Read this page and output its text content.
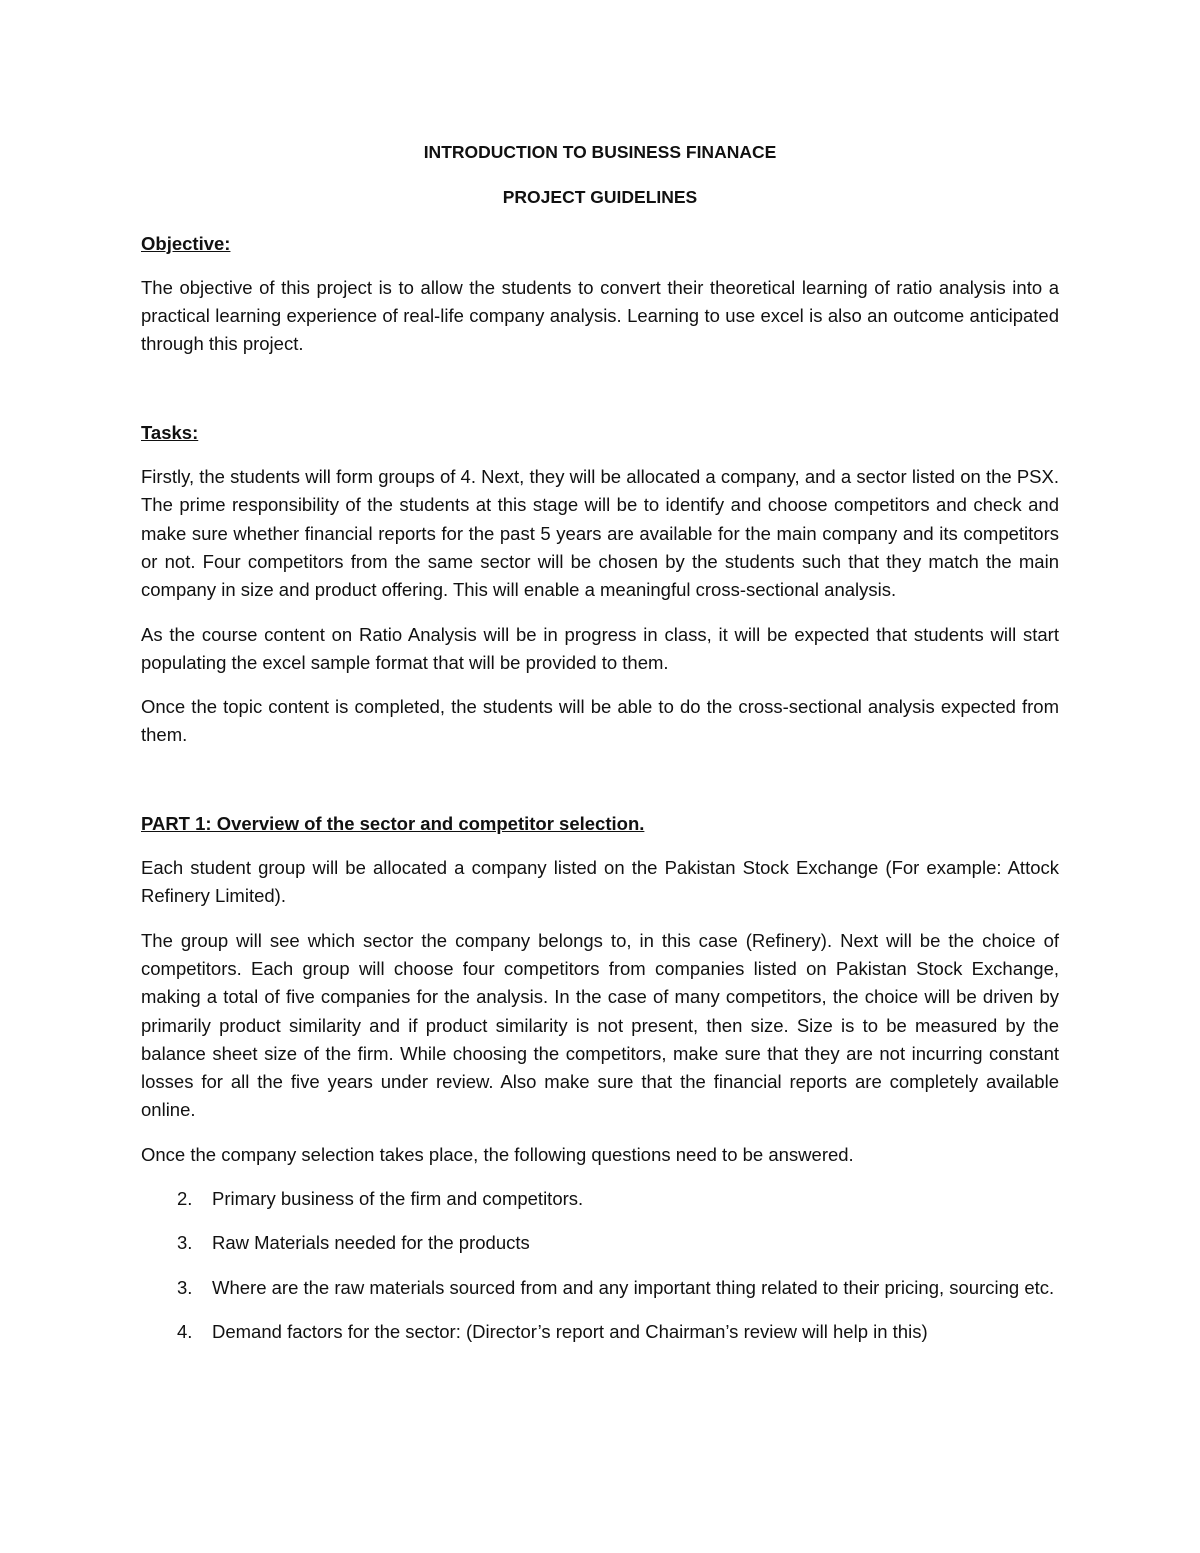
INTRODUCTION TO BUSINESS FINANACE

PROJECT GUIDELINES

Objective:

The objective of this project is to allow the students to convert their theoretical learning of ratio analysis into a practical learning experience of real-life company analysis. Learning to use excel is also an outcome anticipated through this project.

Tasks:

Firstly, the students will form groups of 4. Next, they will be allocated a company, and a sector listed on the PSX. The prime responsibility of the students at this stage will be to identify and choose competitors and check and make sure whether financial reports for the past 5 years are available for the main company and its competitors or not. Four competitors from the same sector will be chosen by the students such that they match the main company in size and product offering. This will enable a meaningful cross-sectional analysis.

As the course content on Ratio Analysis will be in progress in class, it will be expected that students will start populating the excel sample format that will be provided to them.

Once the topic content is completed, the students will be able to do the cross-sectional analysis expected from them.

PART 1: Overview of the sector and competitor selection.

Each student group will be allocated a company listed on the Pakistan Stock Exchange (For example: Attock Refinery Limited).

The group will see which sector the company belongs to, in this case (Refinery). Next will be the choice of competitors. Each group will choose four competitors from companies listed on Pakistan Stock Exchange, making a total of five companies for the analysis. In the case of many competitors, the choice will be driven by primarily product similarity and if product similarity is not present, then size. Size is to be measured by the balance sheet size of the firm. While choosing the competitors, make sure that they are not incurring constant losses for all the five years under review. Also make sure that the financial reports are completely available online.

Once the company selection takes place, the following questions need to be answered.

2. Primary business of the firm and competitors.
3. Raw Materials needed for the products
3. Where are the raw materials sourced from and any important thing related to their pricing, sourcing etc.
4. Demand factors for the sector: (Director’s report and Chairman’s review will help in this)
